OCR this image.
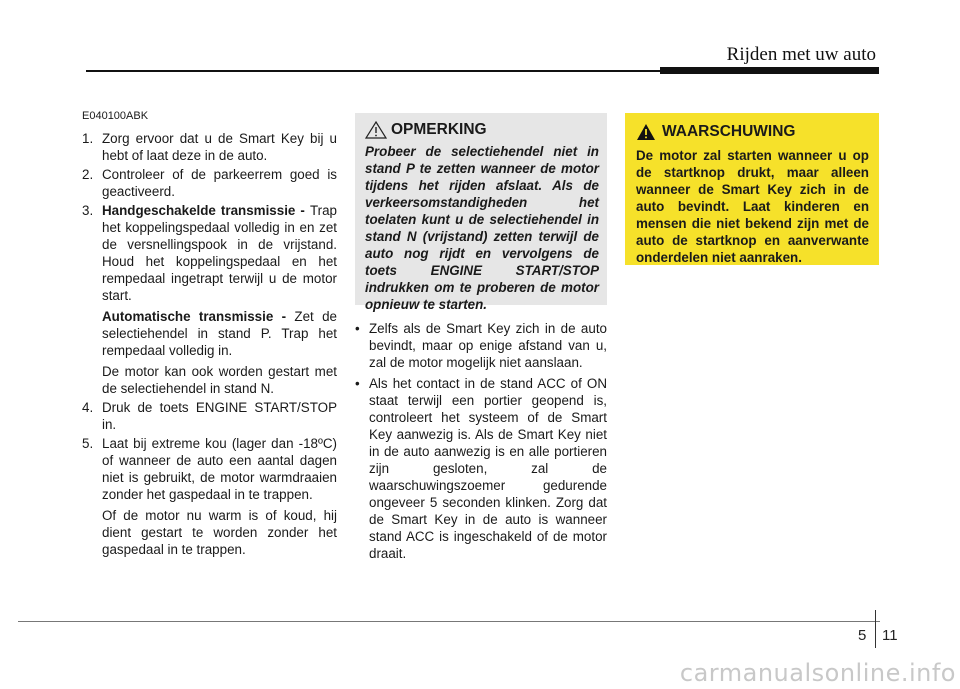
Rijden met uw auto
E040100ABK
1. Zorg ervoor dat u de Smart Key bij u hebt of laat deze in de auto.
2. Controleer of de parkeerrem goed is geactiveerd.
3. Handgeschakelde transmissie - Trap het koppelingspedaal volledig in en zet de versnellingspook in de vrijstand. Houd het koppelingspedaal en het rempedaal ingetrapt terwijl u de motor start.
Automatische transmissie - Zet de selectiehendel in stand P. Trap het rempedaal volledig in.
De motor kan ook worden gestart met de selectiehendel in stand N.
4. Druk de toets ENGINE START/STOP in.
5. Laat bij extreme kou (lager dan -18ºC) of wanneer de auto een aantal dagen niet is gebruikt, de motor warmdraaien zonder het gaspedaal in te trappen.
Of de motor nu warm is of koud, hij dient gestart te worden zonder het gaspedaal in te trappen.
OPMERKING
Probeer de selectiehendel niet in stand P te zetten wanneer de motor tijdens het rijden afslaat. Als de verkeersomstandigheden het toelaten kunt u de selectiehendel in stand N (vrijstand) zetten terwijl de auto nog rijdt en vervolgens de toets ENGINE START/STOP indrukken om te proberen de motor opnieuw te starten.
• Zelfs als de Smart Key zich in de auto bevindt, maar op enige afstand van u, zal de motor mogelijk niet aanslaan.
• Als het contact in de stand ACC of ON staat terwijl een portier geopend is, controleert het systeem of de Smart Key aanwezig is. Als de Smart Key niet in de auto aanwezig is en alle portieren zijn gesloten, zal de waarschuwingszoemer gedurende ongeveer 5 seconden klinken. Zorg dat de Smart Key in de auto is wanneer stand ACC is ingeschakeld of de motor draait.
WAARSCHUWING
De motor zal starten wanneer u op de startknop drukt, maar alleen wanneer de Smart Key zich in de auto bevindt. Laat kinderen en mensen die niet bekend zijn met de auto de startknop en aanverwante onderdelen niet aanraken.
5 11
carmanualsonline.info
